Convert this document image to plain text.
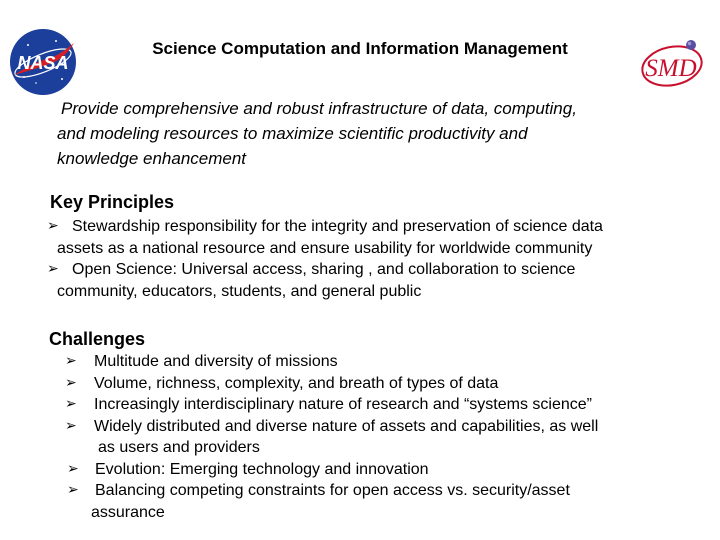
NASA	SMD
Science Computation and Information Management
Provide comprehensive and robust infrastructure of data, computing,
and modeling resources to maximize scientific productivity and
knowledge enhancement
Key Principles
➢ Stewardship responsibility for the integrity and preservation of science data
assets as a national resource and ensure usability for worldwide community
➢ Open Science: Universal access, sharing , and collaboration to science
community, educators, students, and general public
Challenges
➢ Multitude and diversity of missions
➢ Volume, richness, complexity, and breath of types of data
➢ Increasingly interdisciplinary nature of research and “systems science”
➢ Widely distributed and diverse nature of assets and capabilities, as well
as users and providers
➢ Evolution: Emerging technology and innovation
➢ Balancing competing constraints for open access vs. security/asset
assurance
